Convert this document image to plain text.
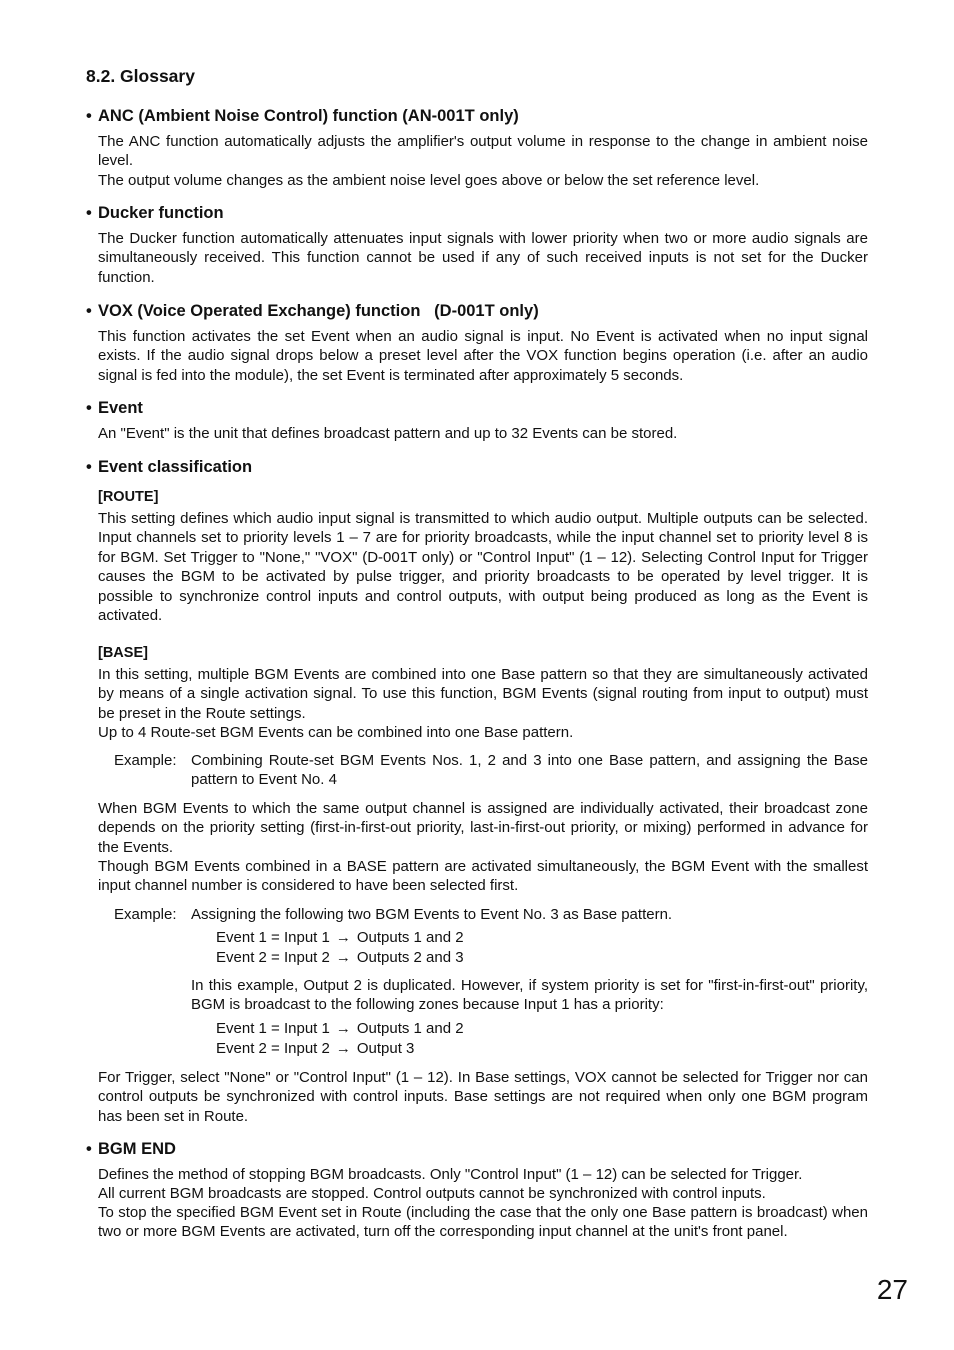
8.2. Glossary
• ANC (Ambient Noise Control) function (AN-001T only)

The ANC function automatically adjusts the amplifier's output volume in response to the change in ambient noise level.

The output volume changes as the ambient noise level goes above or below the set reference level.

• Ducker function

The Ducker function automatically attenuates input signals with lower priority when two or more audio signals are simultaneously received. This function cannot be used if any of such received inputs is not set for the Ducker function.

• VOX (Voice Operated Exchange) function   (D-001T only)

This function activates the set Event when an audio signal is input. No Event is activated when no input signal exists. If the audio signal drops below a preset level after the VOX function begins operation (i.e. after an audio signal is fed into the module), the set Event is terminated after approximately 5 seconds.

• Event

An "Event" is the unit that defines broadcast pattern and up to 32 Events can be stored.

• Event classification
[ROUTE]

This setting defines which audio input signal is transmitted to which audio output. Multiple outputs can be selected. Input channels set to priority levels 1 – 7 are for priority broadcasts, while the input channel set to priority level 8 is for BGM. Set Trigger to "None," "VOX" (D-001T only) or "Control Input" (1 – 12). Selecting Control Input for Trigger causes the BGM to be activated by pulse trigger, and priority broadcasts to be operated by level trigger. It is possible to synchronize control inputs and control outputs, with output being produced as long as the Event is activated.

[BASE]

In this setting, multiple BGM Events are combined into one Base pattern so that they are simultaneously activated by means of a single activation signal. To use this function, BGM Events (signal routing from input to output) must be preset in the Route settings.

Up to 4 Route-set BGM Events can be combined into one Base pattern.

Example: Combining Route-set BGM Events Nos. 1, 2 and 3 into one Base pattern, and assigning the Base pattern to Event No. 4

When BGM Events to which the same output channel is assigned are individually activated, their broadcast zone depends on the priority setting (first-in-first-out priority, last-in-first-out priority, or mixing) performed in advance for the Events.

Though BGM Events combined in a BASE pattern are activated simultaneously, the BGM Event with the smallest input channel number is considered to have been selected first.

Example: Assigning the following two BGM Events to Event No. 3 as Base pattern.

Event 1 = Input 1 → Outputs 1 and 2

Event 2 = Input 2 → Outputs 2 and 3

In this example, Output 2 is duplicated. However, if system priority is set for "first-in-first-out" priority, BGM is broadcast to the following zones because Input 1 has a priority:

Event 1 = Input 1 → Outputs 1 and 2

Event 2 = Input 2 → Output 3

For Trigger, select "None" or "Control Input" (1 – 12). In Base settings, VOX cannot be selected for Trigger nor can control outputs be synchronized with control inputs. Base settings are not required when only one BGM program has been set in Route.

• BGM END

Defines the method of stopping BGM broadcasts. Only "Control Input" (1 – 12) can be selected for Trigger.

All current BGM broadcasts are stopped. Control outputs cannot be synchronized with control inputs.

To stop the specified BGM Event set in Route (including the case that the only one Base pattern is broadcast) when two or more BGM Events are activated, turn off the corresponding input channel at the unit's front panel.

27
